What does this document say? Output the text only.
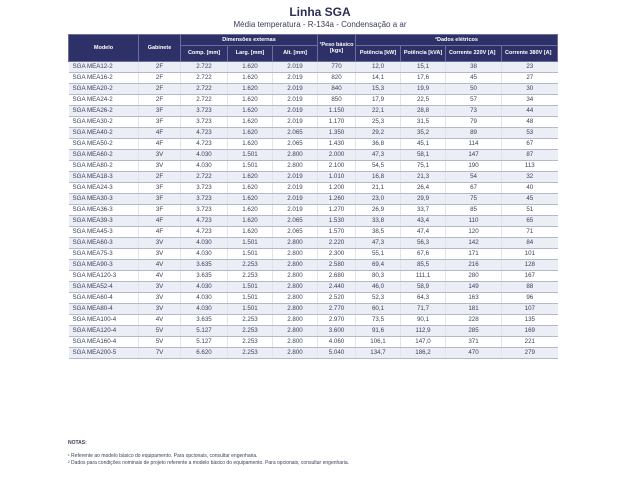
Linha SGA
Média temperatura - R-134a - Condensação a ar
Modelo	Gabinete	Dimensões externas			¹Peso básico [kgs]	²Dados elétricos			
		Comp. [mm]	Larg. [mm]	Alt. [mm]		Potência [kW]	Potência [kVA]	Corrente 220V [A]	Corrente 380V [A]
SGA MEA12-2	2F	2.722	1.620	2.019	770	12,0	15,1	38	23
SGA MEA16-2	2F	2.722	1.620	2.019	820	14,1	17,6	45	27
SGA MEA20-2	2F	2.722	1.620	2.019	840	15,3	19,9	50	30
SGA MEA24-2	2F	2.722	1.620	2.019	850	17,9	22,5	57	34
SGA MEA26-2	3F	3.723	1.620	2.019	1.150	22,1	28,8	73	44
SGA MEA30-2	3F	3.723	1.620	2.019	1.170	25,3	31,5	79	48
SGA MEA40-2	4F	4.723	1.620	2.065	1.350	29,2	35,2	89	53
SGA MEA50-2	4F	4.723	1.620	2.065	1.430	36,8	45,1	114	67
SGA MEA60-2	3V	4.030	1.501	2.800	2.000	47,3	58,1	147	87
SGA MEA80-2	3V	4.030	1.501	2.800	2.100	54,5	75,1	190	113
SGA MEA18-3	2F	2.722	1.620	2.019	1.010	16,8	21,3	54	32
SGA MEA24-3	3F	3.723	1.620	2.019	1.200	21,1	26,4	67	40
SGA MEA30-3	3F	3.723	1.620	2.019	1.260	23,0	29,9	75	45
SGA MEA36-3	3F	3.723	1.620	2.019	1.270	26,9	33,7	85	51
SGA MEA39-3	4F	4.723	1.620	2.065	1.530	33,8	43,4	110	65
SGA MEA45-3	4F	4.723	1.620	2.065	1.570	38,5	47,4	120	71
SGA MEA60-3	3V	4.030	1.501	2.800	2.220	47,3	56,3	142	84
SGA MEA75-3	3V	4.030	1.501	2.800	2.300	55,1	67,6	171	101
SGA MEA90-3	4V	3.635	2.253	2.800	2.580	69,4	85,5	216	128
SGA MEA120-3	4V	3.635	2.253	2.800	2.680	80,3	111,1	280	167
SGA MEA52-4	3V	4.030	1.501	2.800	2.440	46,0	58,9	149	88
SGA MEA60-4	3V	4.030	1.501	2.800	2.520	52,3	64,3	163	96
SGA MEA80-4	3V	4.030	1.501	2.800	2.770	60,1	71,7	181	107
SGA MEA100-4	4V	3.635	2.253	2.800	2.970	73,5	90,1	228	135
SGA MEA120-4	5V	5.127	2.253	2.800	3.600	91,6	112,9	285	169
SGA MEA160-4	5V	5.127	2.253	2.800	4.060	106,1	147,0	371	221
SGA MEA200-5	7V	6.620	2.253	2.800	5.040	134,7	186,2	470	279
NOTAS:
¹ Referente ao modelo básico do equipamento. Para opcionais, consultar engenharia.
² Dados para condições nominais de projeto referente a modelo básico do equipamento. Para opcionais, consultar engenharia.
